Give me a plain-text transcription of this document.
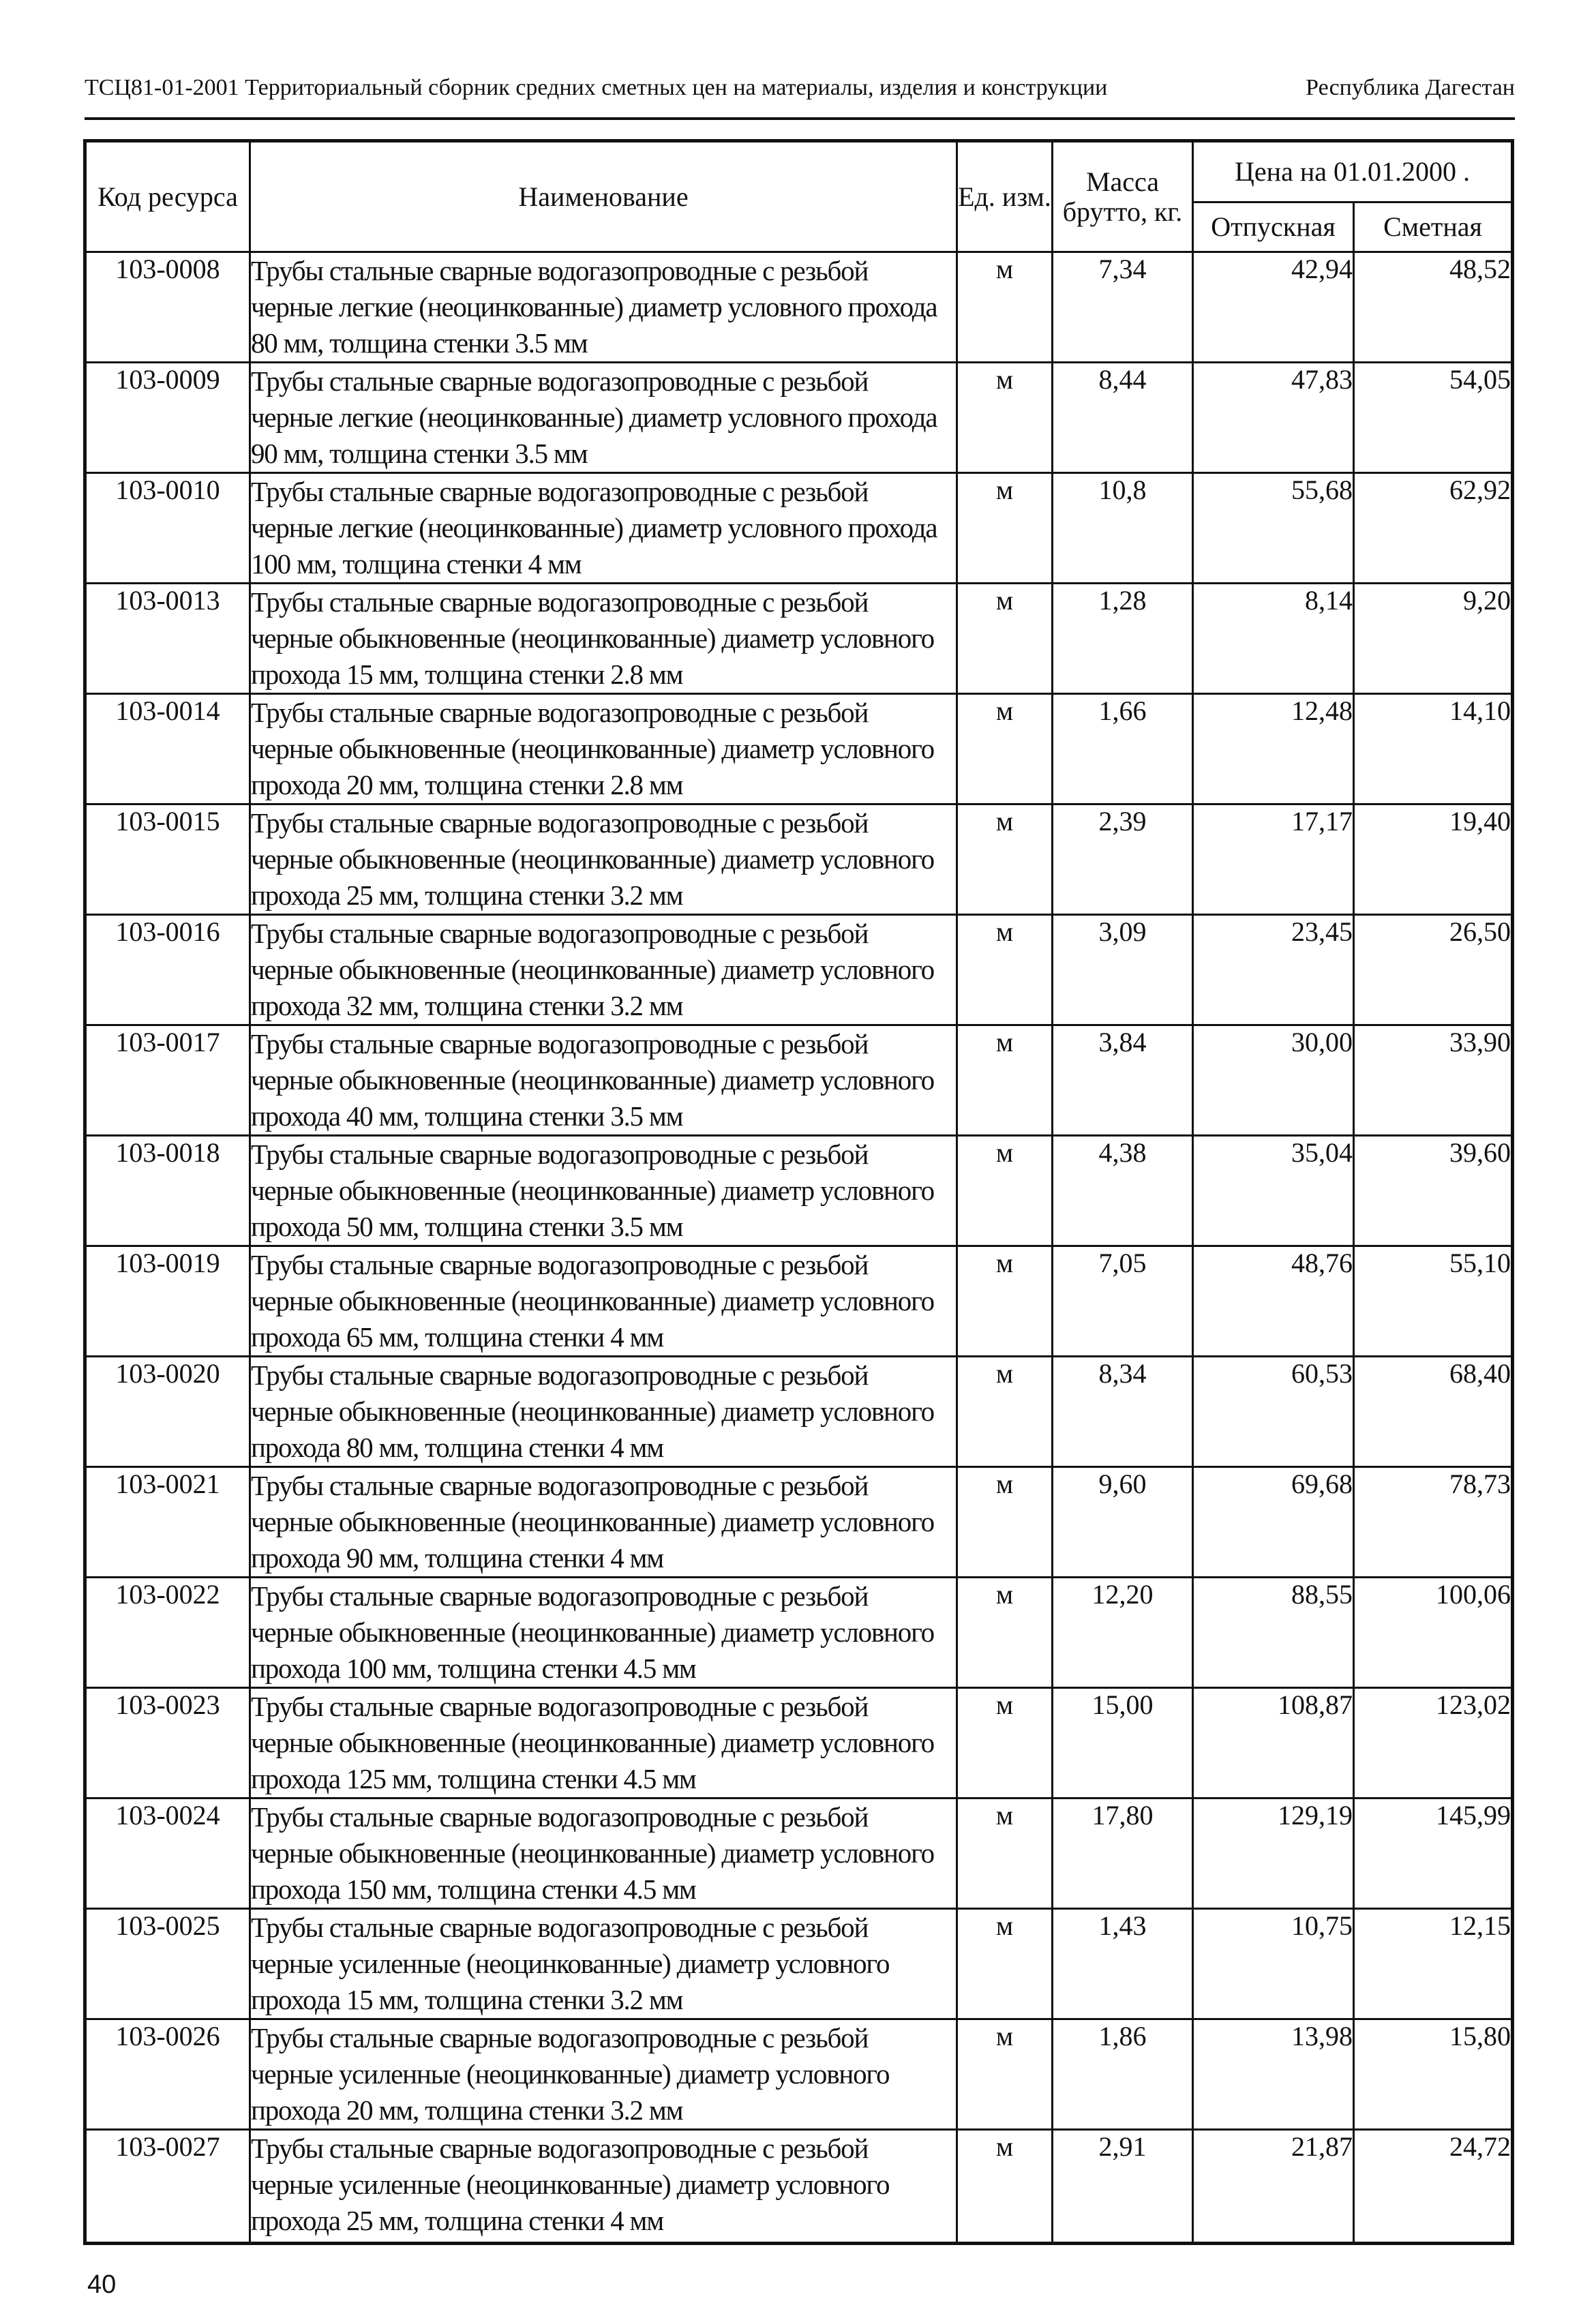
ТСЦ81-01-2001 Территориальный сборник средних сметных цен на материалы, изделия и конструкции	Республика Дагестан
Код ресурса	Наименование	Ед. изм.	Масса брутто, кг.	Цена на 01.01.2000 .	
				Отпускная	Сметная
103-0008	Трубы стальные сварные водогазопроводные с резьбой черные легкие (неоцинкованные) диаметр условного прохода 80 мм, толщина стенки 3.5 мм	м	7,34	42,94	48,52
103-0009	Трубы стальные сварные водогазопроводные с резьбой черные легкие (неоцинкованные) диаметр условного прохода 90 мм, толщина стенки 3.5 мм	м	8,44	47,83	54,05
103-0010	Трубы стальные сварные водогазопроводные с резьбой черные легкие (неоцинкованные) диаметр условного прохода 100 мм, толщина стенки 4 мм	м	10,8	55,68	62,92
103-0013	Трубы стальные сварные водогазопроводные с резьбой черные обыкновенные (неоцинкованные) диаметр условного прохода 15 мм, толщина стенки 2.8 мм	м	1,28	8,14	9,20
103-0014	Трубы стальные сварные водогазопроводные с резьбой черные обыкновенные (неоцинкованные) диаметр условного прохода 20 мм, толщина стенки 2.8 мм	м	1,66	12,48	14,10
103-0015	Трубы стальные сварные водогазопроводные с резьбой черные обыкновенные (неоцинкованные) диаметр условного прохода 25 мм, толщина стенки 3.2 мм	м	2,39	17,17	19,40
103-0016	Трубы стальные сварные водогазопроводные с резьбой черные обыкновенные (неоцинкованные) диаметр условного прохода 32 мм, толщина стенки 3.2 мм	м	3,09	23,45	26,50
103-0017	Трубы стальные сварные водогазопроводные с резьбой черные обыкновенные (неоцинкованные) диаметр условного прохода 40 мм, толщина стенки 3.5 мм	м	3,84	30,00	33,90
103-0018	Трубы стальные сварные водогазопроводные с резьбой черные обыкновенные (неоцинкованные) диаметр условного прохода 50 мм, толщина стенки 3.5 мм	м	4,38	35,04	39,60
103-0019	Трубы стальные сварные водогазопроводные с резьбой черные обыкновенные (неоцинкованные) диаметр условного прохода 65 мм, толщина стенки 4 мм	м	7,05	48,76	55,10
103-0020	Трубы стальные сварные водогазопроводные с резьбой черные обыкновенные (неоцинкованные) диаметр условного прохода 80 мм, толщина стенки 4 мм	м	8,34	60,53	68,40
103-0021	Трубы стальные сварные водогазопроводные с резьбой черные обыкновенные (неоцинкованные) диаметр условного прохода 90 мм, толщина стенки 4 мм	м	9,60	69,68	78,73
103-0022	Трубы стальные сварные водогазопроводные с резьбой черные обыкновенные (неоцинкованные) диаметр условного прохода 100 мм, толщина стенки 4.5 мм	м	12,20	88,55	100,06
103-0023	Трубы стальные сварные водогазопроводные с резьбой черные обыкновенные (неоцинкованные) диаметр условного прохода 125 мм, толщина стенки 4.5 мм	м	15,00	108,87	123,02
103-0024	Трубы стальные сварные водогазопроводные с резьбой черные обыкновенные (неоцинкованные) диаметр условного прохода 150 мм, толщина стенки 4.5 мм	м	17,80	129,19	145,99
103-0025	Трубы стальные сварные водогазопроводные с резьбой черные усиленные (неоцинкованные) диаметр условного прохода 15 мм, толщина стенки 3.2 мм	м	1,43	10,75	12,15
103-0026	Трубы стальные сварные водогазопроводные с резьбой черные усиленные (неоцинкованные) диаметр условного прохода 20 мм, толщина стенки 3.2 мм	м	1,86	13,98	15,80
103-0027	Трубы стальные сварные водогазопроводные с резьбой черные усиленные (неоцинкованные) диаметр условного прохода 25 мм, толщина стенки 4 мм	м	2,91	21,87	24,72
40
